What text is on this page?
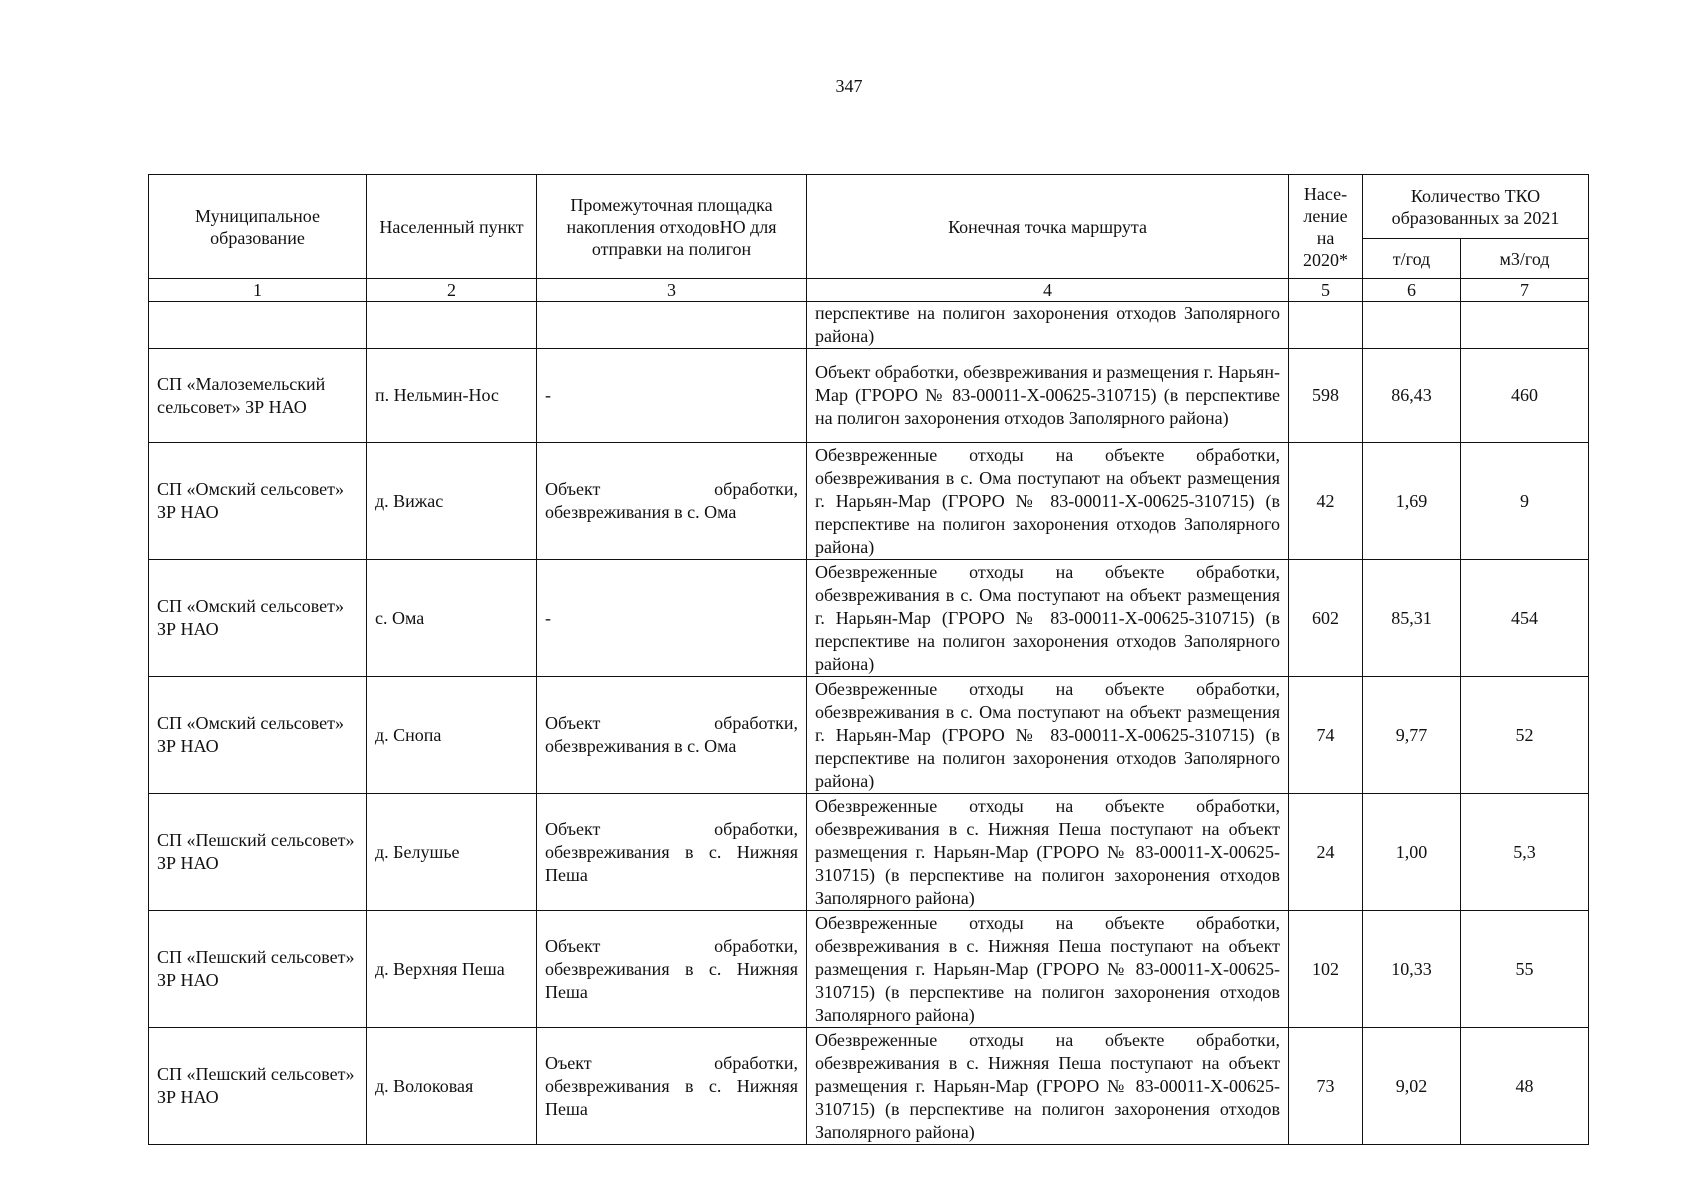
347
Муниципальное образование	Населенный пункт	Промежуточная площадка накопления отходовНО для отправки на полигон	Конечная точка маршрута	Насе-ление на 2020*	Количество ТКО образованных за 2021	
					т/год	м3/год
1	2	3	4	5	6	7
			перспективе на полигон захоронения отходов Заполярного района)			
СП «Малоземельский сельсовет» ЗР НАО	п. Нельмин-Нос	-	Объект обработки, обезвреживания и размещения г. Нарьян-Мар (ГРОРО № 83-00011-Х-00625-310715) (в перспективе на полигон захоронения отходов Заполярного района)	598	86,43	460
СП «Омский сельсовет» ЗР НАО	д. Вижас	Объект обработки, обезвреживания в с. Ома	Обезвреженные отходы на объекте обработки, обезвреживания в с. Ома поступают на объект размещения г. Нарьян-Мар (ГРОРО № 83-00011-Х-00625-310715) (в перспективе на полигон захоронения отходов Заполярного района)	42	1,69	9
СП «Омский сельсовет» ЗР НАО	с. Ома	-	Обезвреженные отходы на объекте обработки, обезвреживания в с. Ома поступают на объект размещения г. Нарьян-Мар (ГРОРО № 83-00011-Х-00625-310715) (в перспективе на полигон захоронения отходов Заполярного района)	602	85,31	454
СП «Омский сельсовет» ЗР НАО	д. Снопа	Объект обработки, обезвреживания в с. Ома	Обезвреженные отходы на объекте обработки, обезвреживания в с. Ома поступают на объект размещения г. Нарьян-Мар (ГРОРО № 83-00011-Х-00625-310715) (в перспективе на полигон захоронения отходов Заполярного района)	74	9,77	52
СП «Пешский сельсовет» ЗР НАО	д. Белушье	Объект обработки, обезвреживания в с. Нижняя Пеша	Обезвреженные отходы на объекте обработки, обезвреживания в с. Нижняя Пеша поступают на объект размещения г. Нарьян-Мар (ГРОРО № 83-00011-Х-00625-310715) (в перспективе на полигон захоронения отходов Заполярного района)	24	1,00	5,3
СП «Пешский сельсовет» ЗР НАО	д. Верхняя Пеша	Объект обработки, обезвреживания в с. Нижняя Пеша	Обезвреженные отходы на объекте обработки, обезвреживания в с. Нижняя Пеша поступают на объект размещения г. Нарьян-Мар (ГРОРО № 83-00011-Х-00625-310715) (в перспективе на полигон захоронения отходов Заполярного района)	102	10,33	55
СП «Пешский сельсовет» ЗР НАО	д. Волоковая	Оъект обработки, обезвреживания в с. Нижняя Пеша	Обезвреженные отходы на объекте обработки, обезвреживания в с. Нижняя Пеша поступают на объект размещения г. Нарьян-Мар (ГРОРО № 83-00011-Х-00625-310715) (в перспективе на полигон захоронения отходов Заполярного района)	73	9,02	48
